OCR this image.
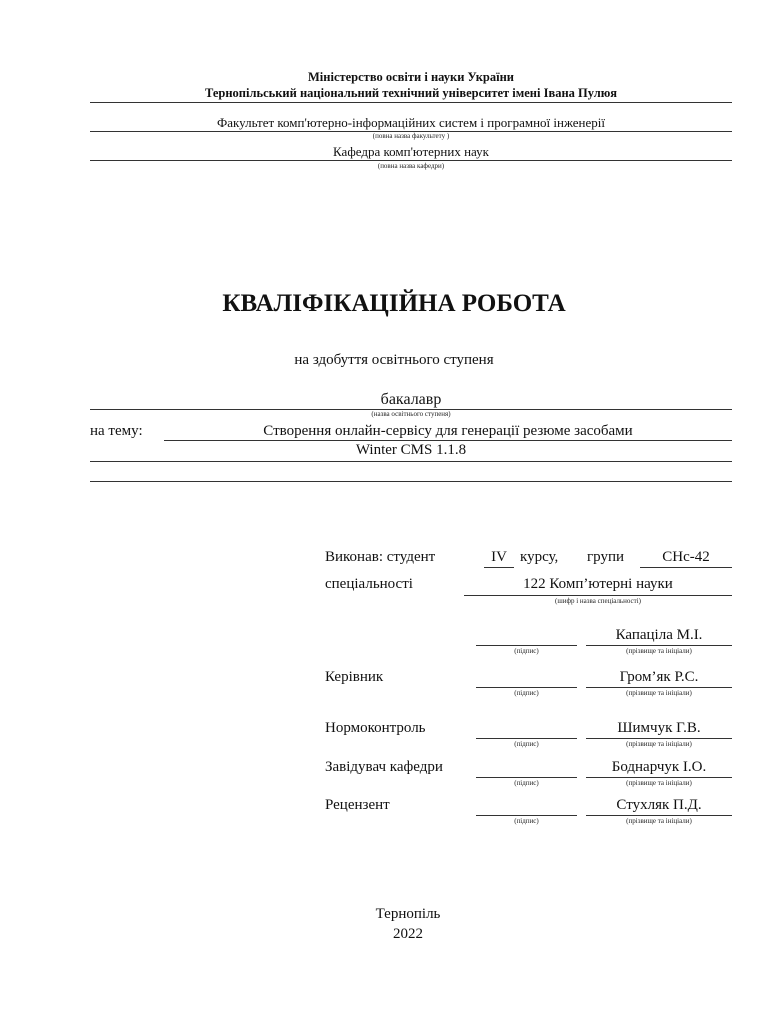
Міністерство освіти і науки України
Тернопільський національний технічний університет імені Івана Пулюя
Факультет комп'ютерно-інформаційних систем і програмної інженерії
(повна назва факультету )
Кафедра комп'ютерних наук
(повна назва кафедри)
КВАЛІФІКАЦІЙНА РОБОТА
на здобуття освітнього ступеня
бакалавр
(назва освітнього ступеня)
на тему:	Створення онлайн-сервісу для генерації резюме засобами
Winter CMS 1.1.8
Виконав: студент	IV курсу, групи	СНс-42
спеціальності	122 Комп’ютерні науки
(шифр і назва спеціальності)
Капаціла М.І.
(підпис)	(прізвище та ініціали)
Керівник	Гром’як Р.С.
(підпис)	(прізвище та ініціали)
Нормоконтроль	Шимчук Г.В.
(підпис)	(прізвище та ініціали)
Завідувач кафедри	Боднарчук І.О.
(підпис)	(прізвище та ініціали)
Рецензент	Стухляк П.Д.
(підпис)	(прізвище та ініціали)
Тернопіль
2022
